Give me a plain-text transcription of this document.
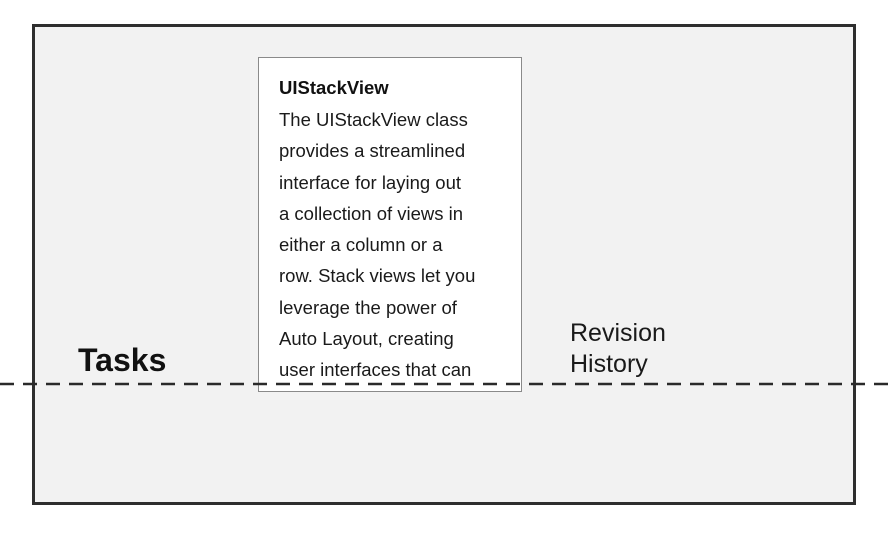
UIStackView
The UIStackView class
provides a streamlined
interface for laying out
a collection of views in
either a column or a
row. Stack views let you
leverage the power of
Auto Layout, creating
user interfaces that can
Tasks
Revision
History
